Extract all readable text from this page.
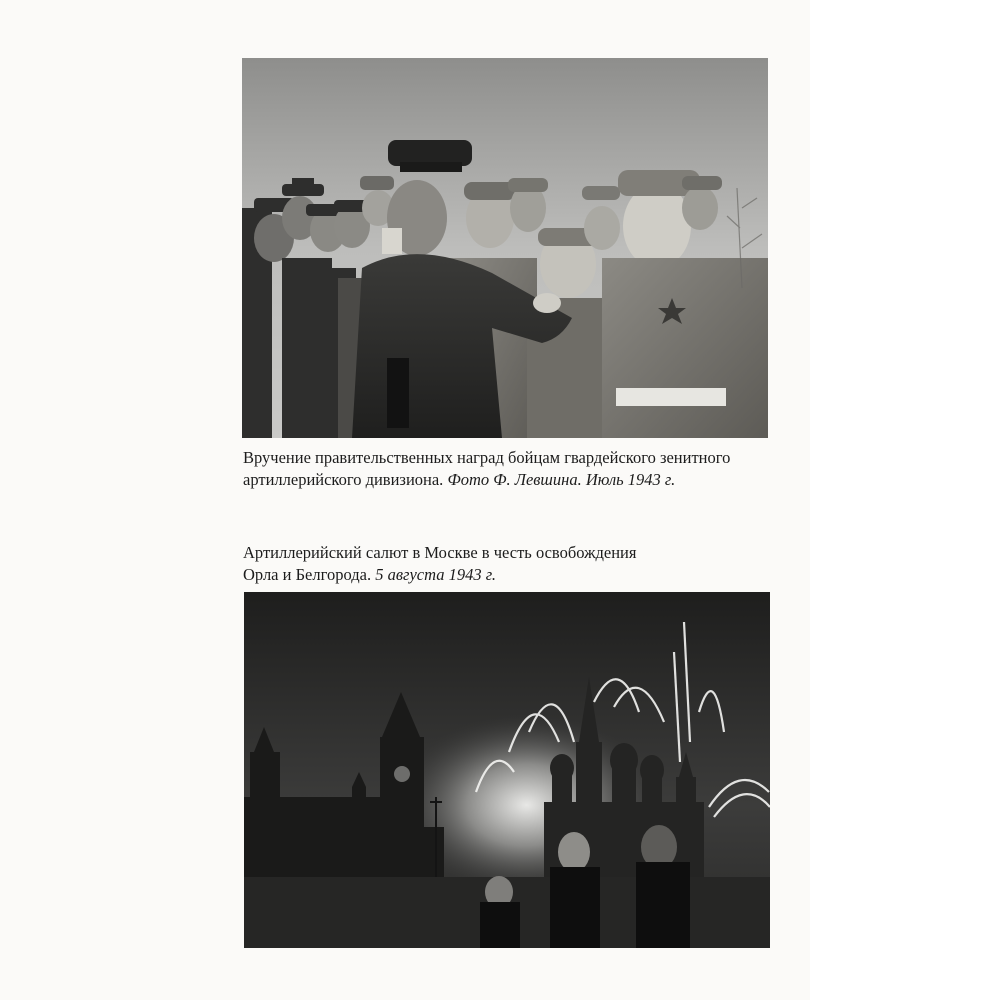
Вручение правительственных наград бойцам гвардейского зенитного
артиллерийского дивизиона. Фото Ф. Левшина. Июль 1943 г.

Артиллерийский салют в Москве в честь освобождения
Орла и Белгорода. 5 августа 1943 г.
